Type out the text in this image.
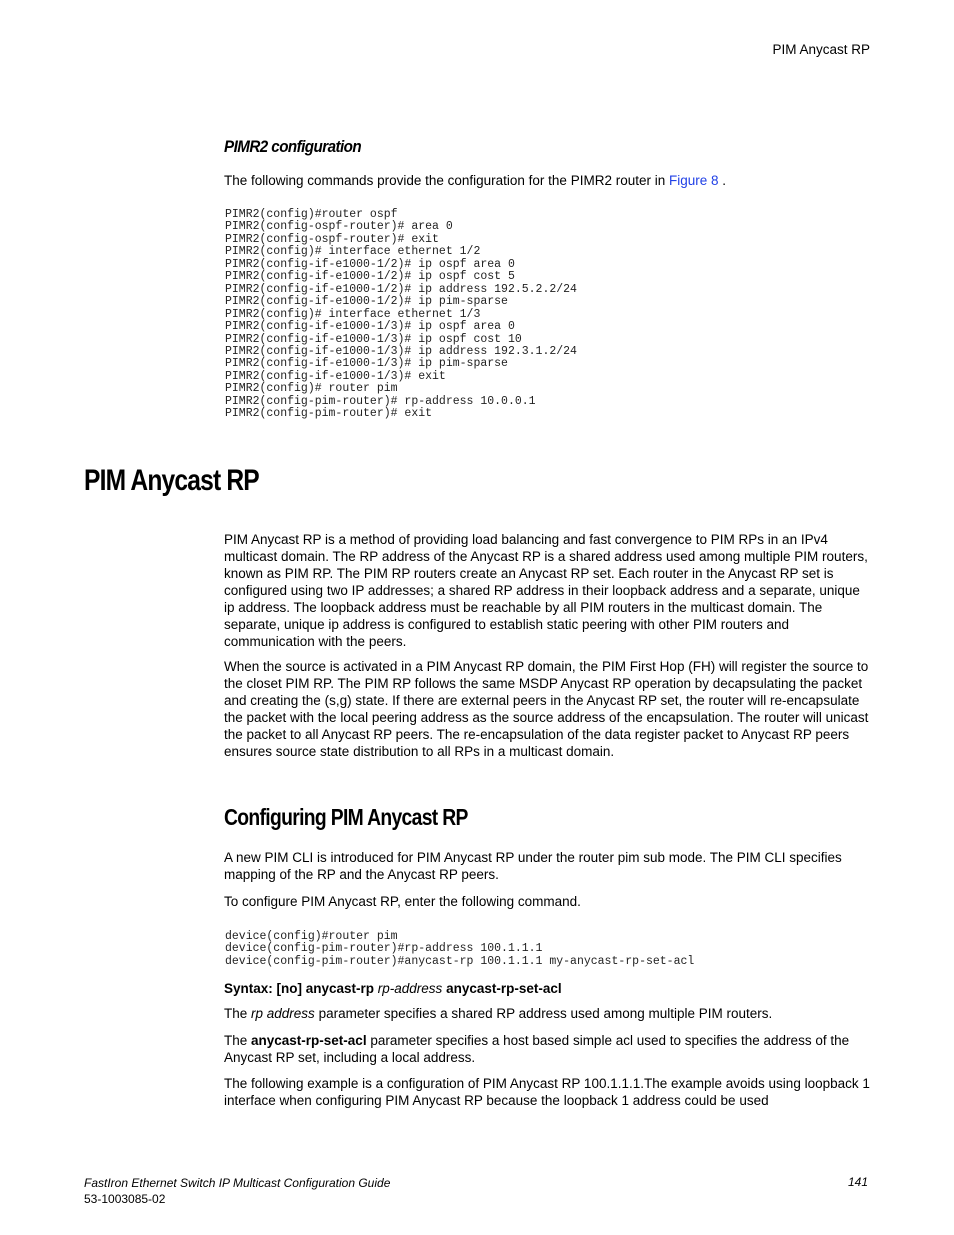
PIM Anycast RP
PIMR2 configuration

The following commands provide the configuration for the PIMR2 router in Figure 8 .

PIMR2(config)#router ospf
PIMR2(config-ospf-router)# area 0
PIMR2(config-ospf-router)# exit
PIMR2(config)# interface ethernet 1/2
PIMR2(config-if-e1000-1/2)# ip ospf area 0
PIMR2(config-if-e1000-1/2)# ip ospf cost 5
PIMR2(config-if-e1000-1/2)# ip address 192.5.2.2/24
PIMR2(config-if-e1000-1/2)# ip pim-sparse
PIMR2(config)# interface ethernet 1/3
PIMR2(config-if-e1000-1/3)# ip ospf area 0
PIMR2(config-if-e1000-1/3)# ip ospf cost 10
PIMR2(config-if-e1000-1/3)# ip address 192.3.1.2/24
PIMR2(config-if-e1000-1/3)# ip pim-sparse
PIMR2(config-if-e1000-1/3)# exit
PIMR2(config)# router pim
PIMR2(config-pim-router)# rp-address 10.0.0.1
PIMR2(config-pim-router)# exit
PIM Anycast RP

PIM Anycast RP is a method of providing load balancing and fast convergence to PIM RPs in an IPv4 multicast domain. The RP address of the Anycast RP is a shared address used among multiple PIM routers, known as PIM RP. The PIM RP routers create an Anycast RP set. Each router in the Anycast RP set is configured using two IP addresses; a shared RP address in their loopback address and a separate, unique ip address. The loopback address must be reachable by all PIM routers in the multicast domain. The separate, unique ip address is configured to establish static peering with other PIM routers and communication with the peers.

When the source is activated in a PIM Anycast RP domain, the PIM First Hop (FH) will register the source to the closet PIM RP. The PIM RP follows the same MSDP Anycast RP operation by decapsulating the packet and creating the (s,g) state. If there are external peers in the Anycast RP set, the router will re-encapsulate the packet with the local peering address as the source address of the encapsulation. The router will unicast the packet to all Anycast RP peers. The re-encapsulation of the data register packet to Anycast RP peers ensures source state distribution to all RPs in a multicast domain.

Configuring PIM Anycast RP

A new PIM CLI is introduced for PIM Anycast RP under the router pim sub mode. The PIM CLI specifies mapping of the RP and the Anycast RP peers.

To configure PIM Anycast RP, enter the following command.

device(config)#router pim
device(config-pim-router)#rp-address 100.1.1.1
device(config-pim-router)#anycast-rp 100.1.1.1 my-anycast-rp-set-acl

Syntax: [no] anycast-rp rp-address anycast-rp-set-acl

The rp address parameter specifies a shared RP address used among multiple PIM routers.

The anycast-rp-set-acl parameter specifies a host based simple acl used to specifies the address of the Anycast RP set, including a local address.

The following example is a configuration of PIM Anycast RP 100.1.1.1.The example avoids using loopback 1 interface when configuring PIM Anycast RP because the loopback 1 address could be used

FastIron Ethernet Switch IP Multicast Configuration Guide
53-1003085-02
141
